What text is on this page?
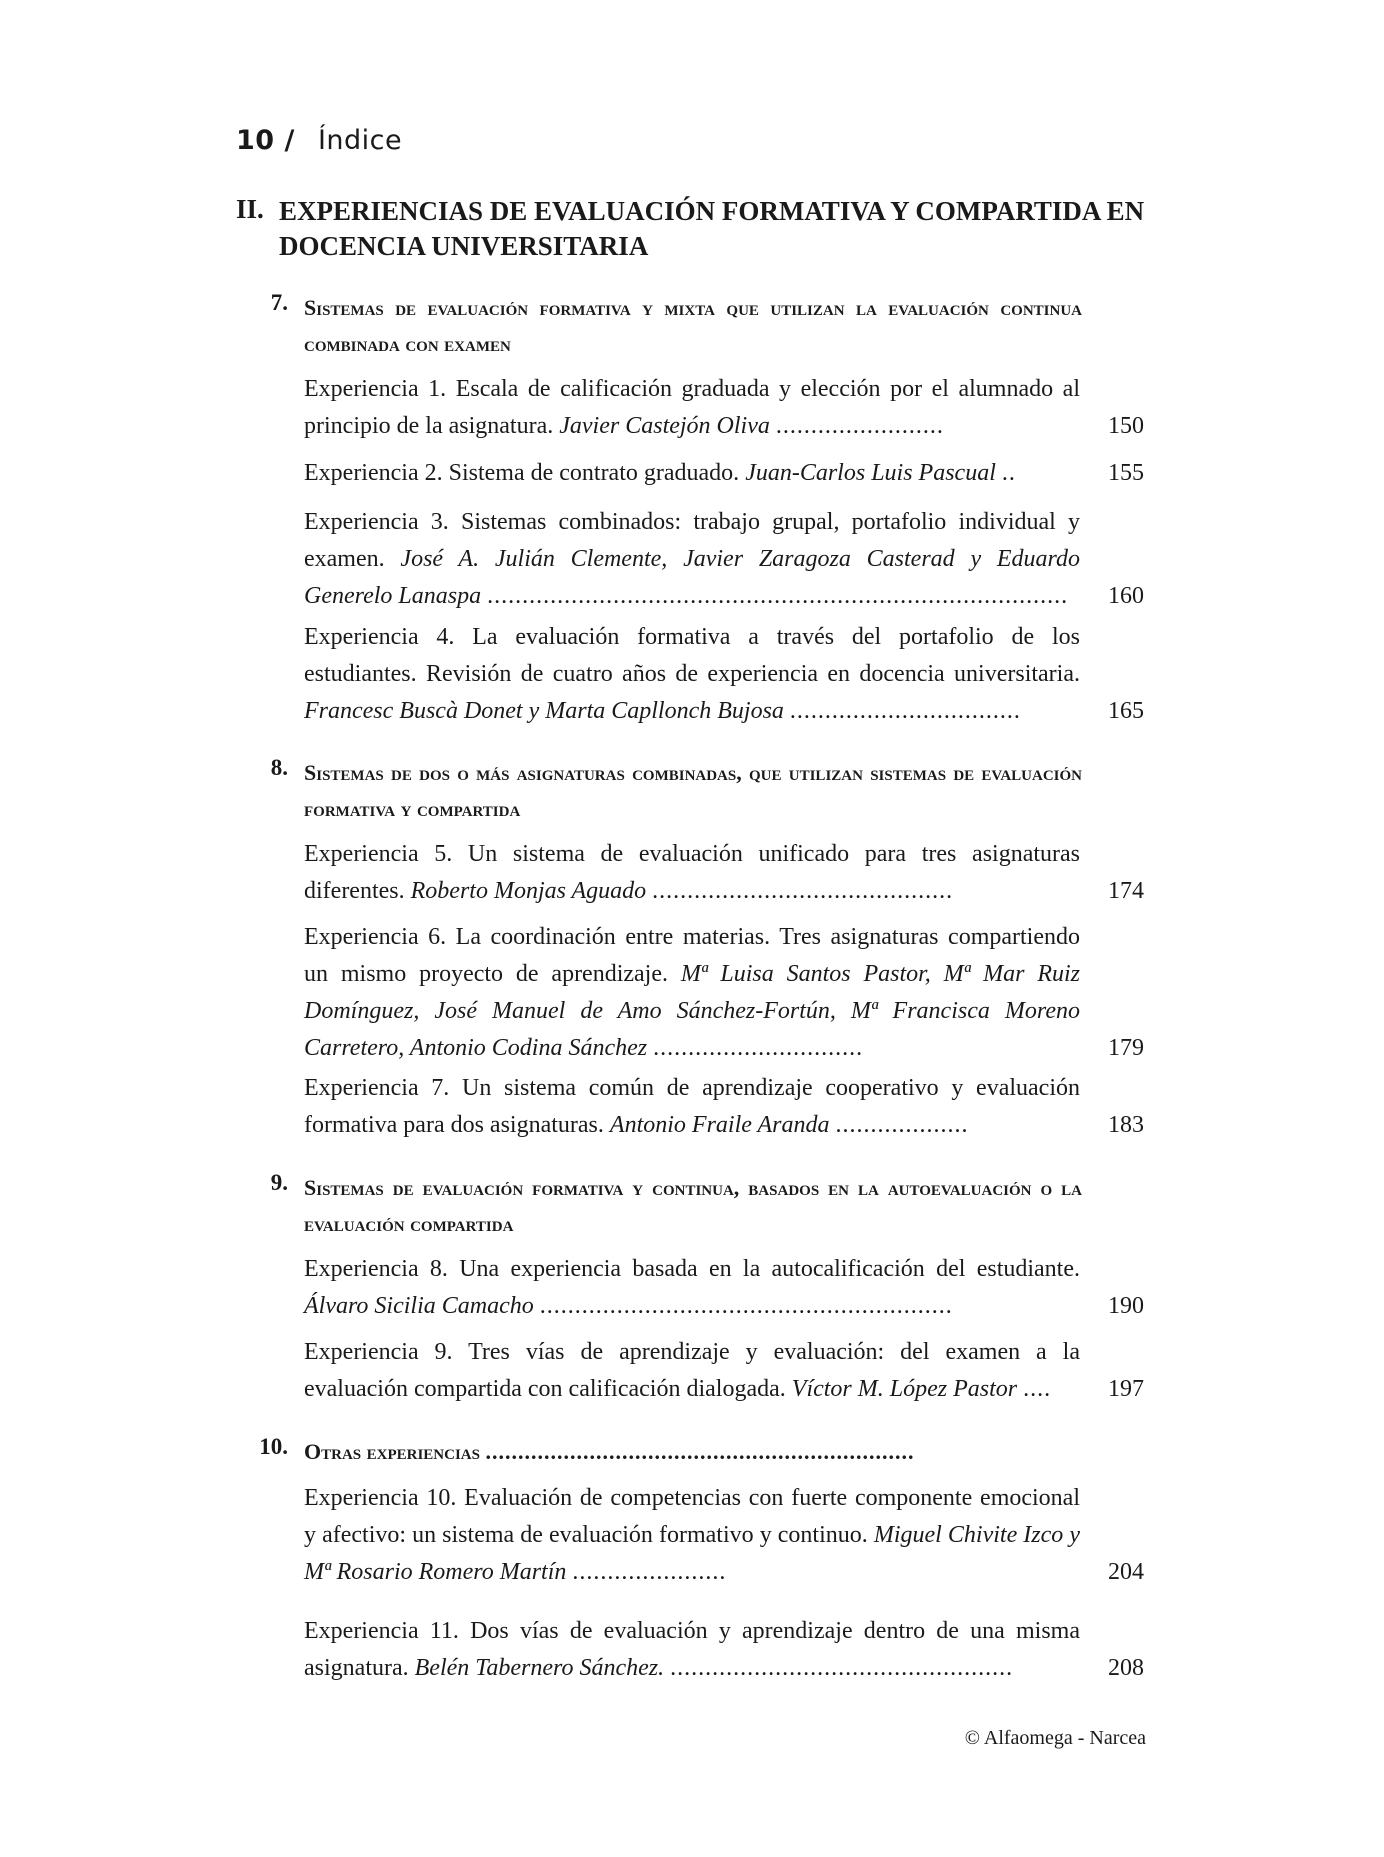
10 / Índice
II. EXPERIENCIAS DE EVALUACIÓN FORMATIVA Y COMPARTIDA EN DOCENCIA UNIVERSITARIA
7. Sistemas de evaluación formativa y mixta que utilizan la evaluación continua combinada con examen
Experiencia 1. Escala de calificación graduada y elección por el alumnado al principio de la asignatura. Javier Castejón Oliva ........................	150
Experiencia 2. Sistema de contrato graduado. Juan-Carlos Luis Pascual ..	155
Experiencia 3. Sistemas combinados: trabajo grupal, portafolio individual y examen. José A. Julián Clemente, Javier Zaragoza Casterad y Eduardo Generelo Lanaspa ...................................................................................	160
Experiencia 4. La evaluación formativa a través del portafolio de los estudiantes. Revisión de cuatro años de experiencia en docencia universitaria. Francesc Buscà Donet y Marta Capllonch Bujosa .................................	165
8. Sistemas de dos o más asignaturas combinadas, que utilizan sistemas de evaluación formativa y compartida
Experiencia 5. Un sistema de evaluación unificado para tres asignaturas diferentes. Roberto Monjas Aguado ...........................................	174
Experiencia 6. La coordinación entre materias. Tres asignaturas compartiendo un mismo proyecto de aprendizaje. Mª Luisa Santos Pastor, Mª Mar Ruiz Domínguez, José Manuel de Amo Sánchez-Fortún, Mª Francisca Moreno Carretero, Antonio Codina Sánchez ..............................	179
Experiencia 7. Un sistema común de aprendizaje cooperativo y evaluación formativa para dos asignaturas. Antonio Fraile Aranda ...................	183
9. Sistemas de evaluación formativa y continua, basados en la autoevaluación o la evaluación compartida
Experiencia 8. Una experiencia basada en la autocalificación del estudiante. Álvaro Sicilia Camacho ...........................................................	190
Experiencia 9. Tres vías de aprendizaje y evaluación: del examen a la evaluación compartida con calificación dialogada. Víctor M. López Pastor ....	197
10. Otras experiencias ..................................................................
Experiencia 10. Evaluación de competencias con fuerte componente emocional y afectivo: un sistema de evaluación formativo y continuo. Miguel Chivite Izco y Mª Rosario Romero Martín ......................	204
Experiencia 11. Dos vías de evaluación y aprendizaje dentro de una misma asignatura. Belén Tabernero Sánchez. .................................................	208
© Alfaomega - Narcea
